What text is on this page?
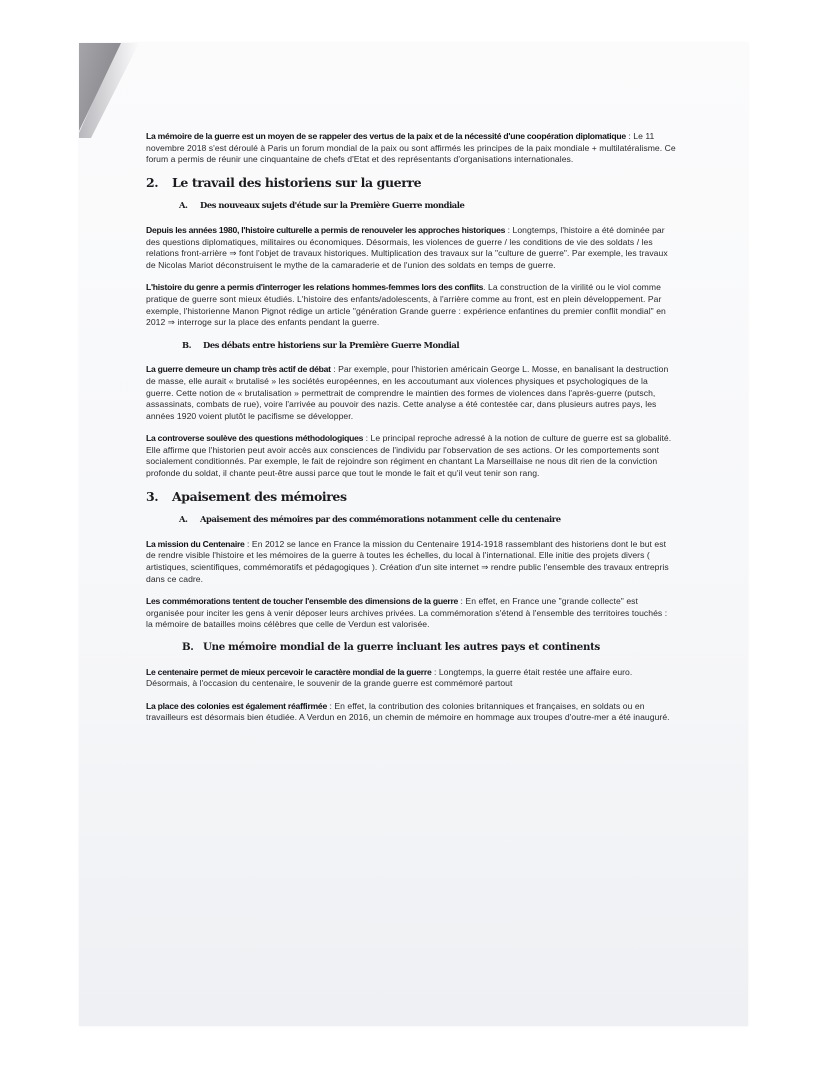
La mémoire de la guerre est un moyen de se rappeler des vertus de la paix et de la nécessité d'une coopération diplomatique : Le 11 novembre 2018 s'est déroulé à Paris un forum mondial de la paix ou sont affirmés les principes de la paix mondiale + multilatéralisme. Ce forum a permis de réunir une cinquantaine de chefs d'Etat et des représentants d'organisations internationales.

2.	Le travail des historiens sur la guerre
A.	Des nouveaux sujets d'étude sur la Première Guerre mondiale

Depuis les années 1980, l'histoire culturelle a permis de renouveler les approches historiques : Longtemps, l'histoire a été dominée par des questions diplomatiques, militaires ou économiques. Désormais, les violences de guerre / les conditions de vie des soldats / les relations front-arrière ⇒ font l'objet de travaux historiques. Multiplication des travaux sur la "culture de guerre". Par exemple, les travaux de Nicolas Mariot déconstruisent le mythe de la camaraderie et de l'union des soldats en temps de guerre.

L'histoire du genre a permis d'interroger les relations hommes-femmes lors des conflits. La construction de la virilité ou le viol comme pratique de guerre sont mieux étudiés. L'histoire des enfants/adolescents, à l'arrière comme au front, est en plein développement. Par exemple, l'historienne Manon Pignot rédige un article "génération Grande guerre : expérience enfantines du premier conflit mondial" en 2012 ⇒ interroge sur la place des enfants pendant la guerre.

B.	Des débats entre historiens sur la Première Guerre Mondial

La guerre demeure un champ très actif de débat : Par exemple, pour l'historien américain George L. Mosse, en banalisant la destruction de masse, elle aurait « brutalisé » les sociétés européennes, en les accoutumant aux violences physiques et psychologiques de la guerre. Cette notion de « brutalisation » permettrait de comprendre le maintien des formes de violences dans l'après-guerre (putsch, assassinats, combats de rue), voire l'arrivée au pouvoir des nazis. Cette analyse a été contestée car, dans plusieurs autres pays, les années 1920 voient plutôt le pacifisme se développer.

La controverse soulève des questions méthodologiques : Le principal reproche adressé à la notion de culture de guerre est sa globalité. Elle affirme que l'historien peut avoir accès aux consciences de l'individu par l'observation de ses actions. Or les comportements sont socialement conditionnés. Par exemple, le fait de rejoindre son régiment en chantant La Marseillaise ne nous dit rien de la conviction profonde du soldat, il chante peut-être aussi parce que tout le monde le fait et qu'il veut tenir son rang.

3.	Apaisement des mémoires
A.	Apaisement des mémoires par des commémorations notamment celle du centenaire

La mission du Centenaire : En 2012 se lance en France la mission du Centenaire 1914-1918 rassemblant des historiens dont le but est de rendre visible l'histoire et les mémoires de la guerre à toutes les échelles, du local à l'international. Elle initie des projets divers ( artistiques, scientifiques, commémoratifs et pédagogiques ). Création d'un site internet ⇒ rendre public l'ensemble des travaux entrepris dans ce cadre.

Les commémorations tentent de toucher l'ensemble des dimensions de la guerre : En effet, en France une "grande collecte" est organisée pour inciter les gens à venir déposer leurs archives privées. La commémoration s'étend à l'ensemble des territoires touchés : la mémoire de batailles moins célèbres que celle de Verdun est valorisée.

B. Une mémoire mondial de la guerre incluant les autres pays et continents

Le centenaire permet de mieux percevoir le caractère mondial de la guerre : Longtemps, la guerre était restée une affaire euro. Désormais, à l'occasion du centenaire, le souvenir de la grande guerre est commémoré partout

La place des colonies est également réaffirmée : En effet, la contribution des colonies britanniques et françaises, en soldats ou en travailleurs est désormais bien étudiée. A Verdun en 2016, un chemin de mémoire en hommage aux troupes d'outre-mer a été inauguré.
